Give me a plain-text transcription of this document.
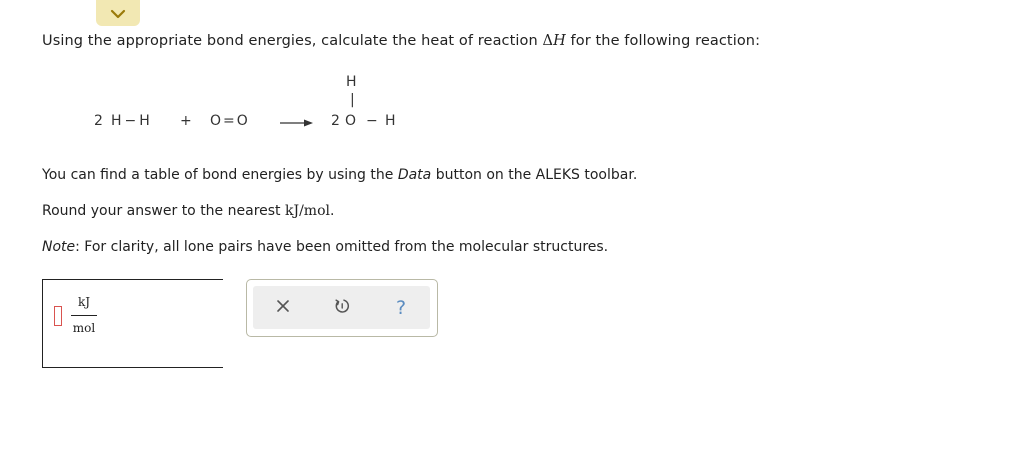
Using the appropriate bond energies, calculate the heat of reaction ΔH for the following reaction:
2 H−H + O=O → 2
H
|
O − H
You can find a table of bond energies by using the Data button on the ALEKS toolbar.
Round your answer to the nearest kJ/mol.
Note: For clarity, all lone pairs have been omitted from the molecular structures.
kJ
mol
?
